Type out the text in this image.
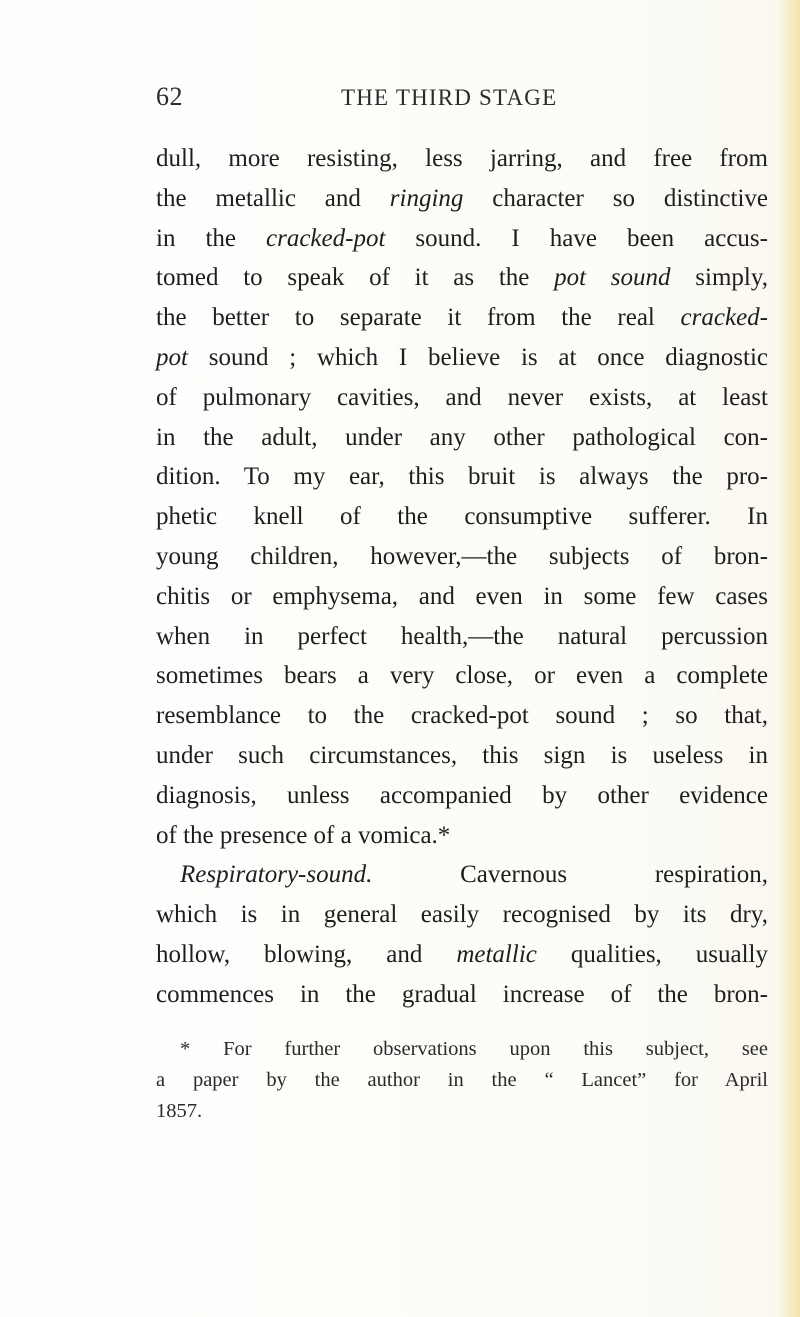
62	THE THIRD STAGE
dull, more resisting, less jarring, and free from
the metallic and ringing character so distinctive
in the cracked-pot sound. I have been accus-
tomed to speak of it as the pot sound simply,
the better to separate it from the real cracked-
pot sound ; which I believe is at once diagnostic
of pulmonary cavities, and never exists, at least
in the adult, under any other pathological con-
dition. To my ear, this bruit is always the pro-
phetic knell of the consumptive sufferer. In
young children, however,—the subjects of bron-
chitis or emphysema, and even in some few cases
when in perfect health,—the natural percussion
sometimes bears a very close, or even a complete
resemblance to the cracked-pot sound ; so that,
under such circumstances, this sign is useless in
diagnosis, unless accompanied by other evidence
of the presence of a vomica.*
Respiratory-sound. Cavernous respiration,
which is in general easily recognised by its dry,
hollow, blowing, and metallic qualities, usually
commences in the gradual increase of the bron-
* For further observations upon this subject, see
a paper by the author in the “ Lancet” for April
1857.
